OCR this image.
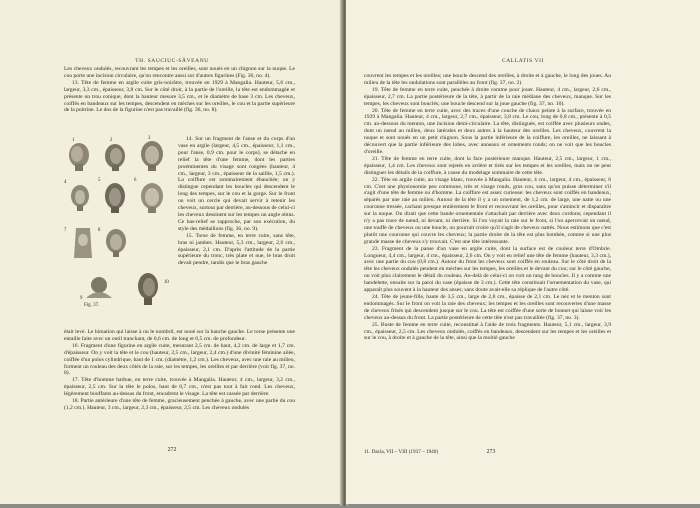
TH. SAUCIUC-SĂVEANU

Les cheveux ondulés, recouvrant les tempes et les oreilles, sont noués en un chignon sur la nuque. Le cou porte une incision circulaire, qu'on rencontre aussi sur d'autres figurines (Fig. 36, no. 4).

13. Tête de femme en argile cuite gris-noirâtre, trouvée en 1929 à Mangalia. Hauteur, 5,6 cm., largeur, 3,3 cm., épaisseur, 3,8 cm. Sur le côté droit, à la partie de l'oreille, la tête est endommagée et présente un trou conique, dont la hauteur mesure 3,5 cm., et le diamètre de base 3 cm. Les cheveux, coiffés en bandeaux sur les tempes, descendent en mèches sur les oreilles, le cou et la partie supérieure de la poitrine. Le dos de la figurine n'est pas travaillé (fig. 36, no. 8).

1	2	3
4	5	6
7	8
9
10
Fig. 37.

14. Sur un fragment de l'anse et du corps d'un vase en argile (largeur, 4,5 cm., épaisseur, 1,1 cm., pour l'anse, 0,9 cm. pour le corps), se détache en relief la tête d'une femme, dont les parties proéminentes du visage sont rongées (hauteur, 4 cm., largeur, 3 cm., épaisseur de la saillie, 1,5 cm.). La coiffure est sommairement ébauchée; on y distingue cependant les boucles qui descendent le long des tempes, sur le cou et la gorge. Sur le front on voit un cercle qui devait servir à retenir les cheveux, surtout par derrière, au-dessous de celui-ci les cheveux dessinent sur les tempes un angle obtus. Ce bas-relief se rapproche, par son exécution, du style des médaillons (fig. 36, no. 9).

15. Torse de femme, en terre cuite, sans tête, bras ni jambes. Hauteur, 5,3 cm., largeur, 2,6 cm., épaisseur, 2,1 cm. D'après l'attitude de la partie supérieure du tronc, très plate et nue, le bras droit devait pendre, tandis que le bras gauche

était levé. Le himation qui laisse à nu le nombril, est noué sur la hanche gauche. Le torse présente une entaille faite avec un outil tranchant, de 0,6 cm. de long et 0,5 cm. de profondeur.

16. Fragment d'une figurine en argile cuite, mesurant 2,5 cm. de haut, 4,2 cm. de large et 1,7 cm. d'épaisseur. On y voit la tête et le cou (hauteur, 2,5 cm., largeur, 2,4 cm.) d'une divinité féminine ailée, coiffée d'un polos cylindrique, haut de 1 cm. (diamètre, 1,2 cm.). Les cheveux, avec une raie au milieu, forment un rouleau des deux côtés de la raie, sur les tempes, les oreilles et par derrière (voir fig. 37, no. 8).

17. Tête d'homme barbue, en terre cuite, trouvée à Mangalia. Hauteur, 4 cm., largeur, 3,2 cm., épaisseur, 2,5 cm. Sur la tête le polos, haut de 0,7 cm., n'est pas tout à fait rond. Les cheveux, légèrement bouffants au-dessus du front, encadrent le visage. La tête est cassée par derrière.

18. Partie antérieure d'une tête de femme, gracieusement penchée à gauche, avec une partie du cou (1,2 cm.). Hauteur, 3 cm., largeur, 2,3 cm., épaisseur, 2,5 cm. Les cheveux ondulés

272
CALLATIS VII

couvrent les tempes et les oreilles; une boucle descend des oreilles, à droite et à gauche, le long des joues. Au milieu de la tête les ondulations sont parallèles au front (fig. 37, no. 2).

19. Tête de femme en terre cuite, penchée à droite comme pour jouer. Hauteur, 4 cm., largeur, 2,6 cm., épaisseur, 2,7 cm. La partie postérieure de la tête, à partir de la raie médiane des cheveux, manque. Sur les tempes, les cheveux sont bouclés; une boucle descend sur la joue gauche (fig. 37, no. 10).

20. Tête de femme en terre cuite, avec des traces d'une couche de chaux peinte à la surface, trouvée en 1929 à Mangalia. Hauteur, 4 cm., largeur, 2,7 cm., épaisseur, 3,8 cm. Le cou, long de 0,8 cm., présente à 0,5 cm. au-dessous du menton, une incision demi-circulaire. La tête, distinguée, est coiffée avec plusieurs ondes, dont un nœud au milieu, deux latérales et deux autres à la hauteur des oreilles. Les cheveux, couvrent la nuque et sont noués en un petit chignon. Sous la partie inférieure de la coiffure, les oreilles, ne laissant à découvert que la partie inférieure des lobes, avec anneaux et ornements ronds; on ne voit que les boucles d'oreille.

21. Tête de femme en terre cuite, dont la face postérieure manque. Hauteur, 2,5 cm., largeur, 1 cm., épaisseur, 1,4 cm. Les cheveux sont rejetés en arrière et tirés sur les tempes et les oreilles, mais on ne peut distinguer les détails de la coiffure, à cause du modelage sommaire de cette tête.

22. Tête en argile cuite, au visage blanc, trouvée à Mangalia. Hauteur, 4 cm., largeur, 4 cm., épaisseur, 6 cm. C'est une physionomie peu commune, très et visage ronds, gros cou, sans qu'on puisse déterminer s'il s'agit d'une tête de femme ou d'homme. La coiffure est assez curieuse: les cheveux sont coiffés en bandeaux, séparés par une raie au milieu. Autour de la tête il y a un ornement, de 1,2 cm. de large, une natte ou une couronne tressée, cachant presque entièrement le front et recouvrant les oreilles, pour s'amincir et disparaître sur la nuque. On dirait que cette bande ornementale s'attachait par derrière avec deux cordons; cependant il n'y a pas trace de nœud, ni devant, ni derrière. Si l'on voyait la raie sur le front, si l'on apercevait un nœud, une touffe de cheveux ou une boucle, on pourrait croire qu'il s'agit de cheveux nattés. Nous estimons que c'est plutôt une couronne qui couvre les cheveux; la partie droite de la tête est plus bombée, comme si une plus grande masse de cheveux s'y trouvait. C'est une tête intéressante.

23. Fragment de la panse d'un vase en argile cuite, dont la surface est de couleur terre d'Ombrie. Longueur, 4,4 cm., largeur, 4 cm., épaisseur, 2,6 cm. On y voit en relief une tête de femme (hauteur, 3,3 cm.), avec une partie du cou (0,8 cm.). Autour du front les cheveux sont coiffés en rouleau. Sur le côté droit de la tête les cheveux ondulés pendent en mèches sur les tempes, les oreilles et le devant du cou; sur le côté gauche, on voit plus clairement le détail du rouleau. Au-delà de celui-ci on voit un rang de boucles. Il y a comme une bandelette, ensuite sur la paroi du vase (épaisse de 3 cm.). Cette tête constituait l'ornementation du vase, qui apparaît plus souvent à la hauteur des anses; sans doute avait-elle sa réplique de l'autre côté.

24. Tête de jeune-fille, haute de 3,5 cm., large de 2,8 cm., épaisse de 2,1 cm. Le nez et le menton sont endommagés. Sur le front on voit la raie des cheveux; les tempes et les oreilles sont recouvertes d'une masse de cheveux frisés qui descendent jusque sur le cou. La tête est coiffée d'une sorte de bonnet qui laisse voir les cheveux au-dessus du front. La partie postérieure de cette tête n'est pas travaillée (fig. 37, no. 3).

25. Buste de femme en terre cuite, reconstitué à l'aide de trois fragments. Hauteur, 5,1 cm., largeur, 3,9 cm., épaisseur, 2,5 cm. Les cheveux ondulés, coiffés en bandeaux, descendent sur les tempes et les oreilles et sur le cou, à droite et à gauche de la tête, ainsi que la moitié gauche

11. Dacia, VII – VIII (1937 – 1940)	273
